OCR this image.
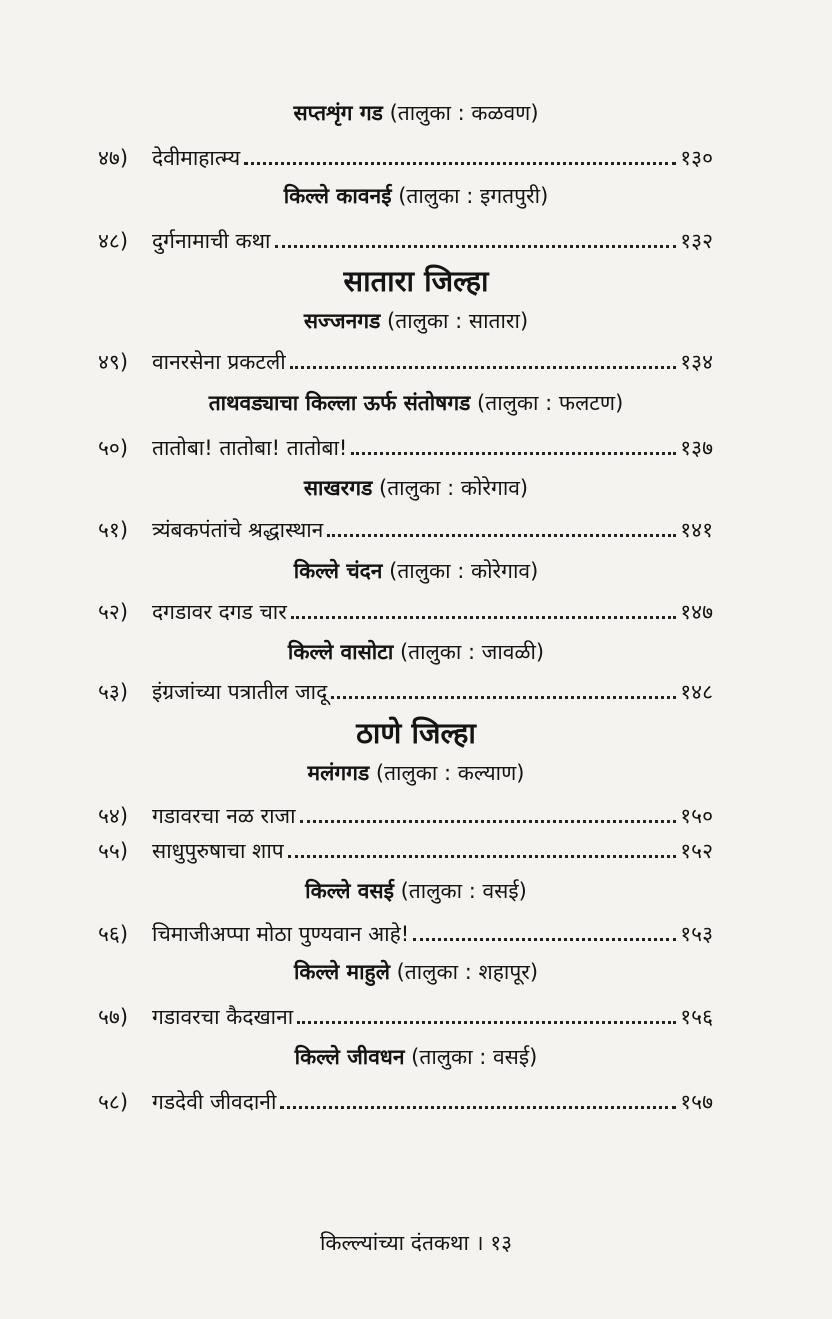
सप्तशृंग गड (तालुका : कळवण)
४७)	देवीमाहात्म्य	१३०
किल्ले कावनई (तालुका : इगतपुरी)
४८)	दुर्गनामाची कथा	१३२
सातारा जिल्हा
सज्जनगड (तालुका : सातारा)
४९)	वानरसेना प्रकटली	१३४
ताथवड्याचा किल्ला ऊर्फ संतोषगड (तालुका : फलटण)
५०)	तातोबा! तातोबा! तातोबा!	१३७
साखरगड (तालुका : कोरेगाव)
५१)	त्र्यंबकपंतांचे श्रद्धास्थान	१४१
किल्ले चंदन (तालुका : कोरेगाव)
५२)	दगडावर दगड चार	१४७
किल्ले वासोटा (तालुका : जावळी)
५३)	इंग्रजांच्या पत्रातील जादू	१४८
ठाणे जिल्हा
मलंगगड (तालुका : कल्याण)
५४)	गडावरचा नळ राजा	१५०
५५)	साधुपुरुषाचा शाप	१५२
किल्ले वसई (तालुका : वसई)
५६)	चिमाजीअप्पा मोठा पुण्यवान आहे!	१५३
किल्ले माहुले (तालुका : शहापूर)
५७)	गडावरचा कैदखाना	१५६
किल्ले जीवधन (तालुका : वसई)
५८)	गडदेवी जीवदानी	१५७
किल्ल्यांच्या दंतकथा । १३
